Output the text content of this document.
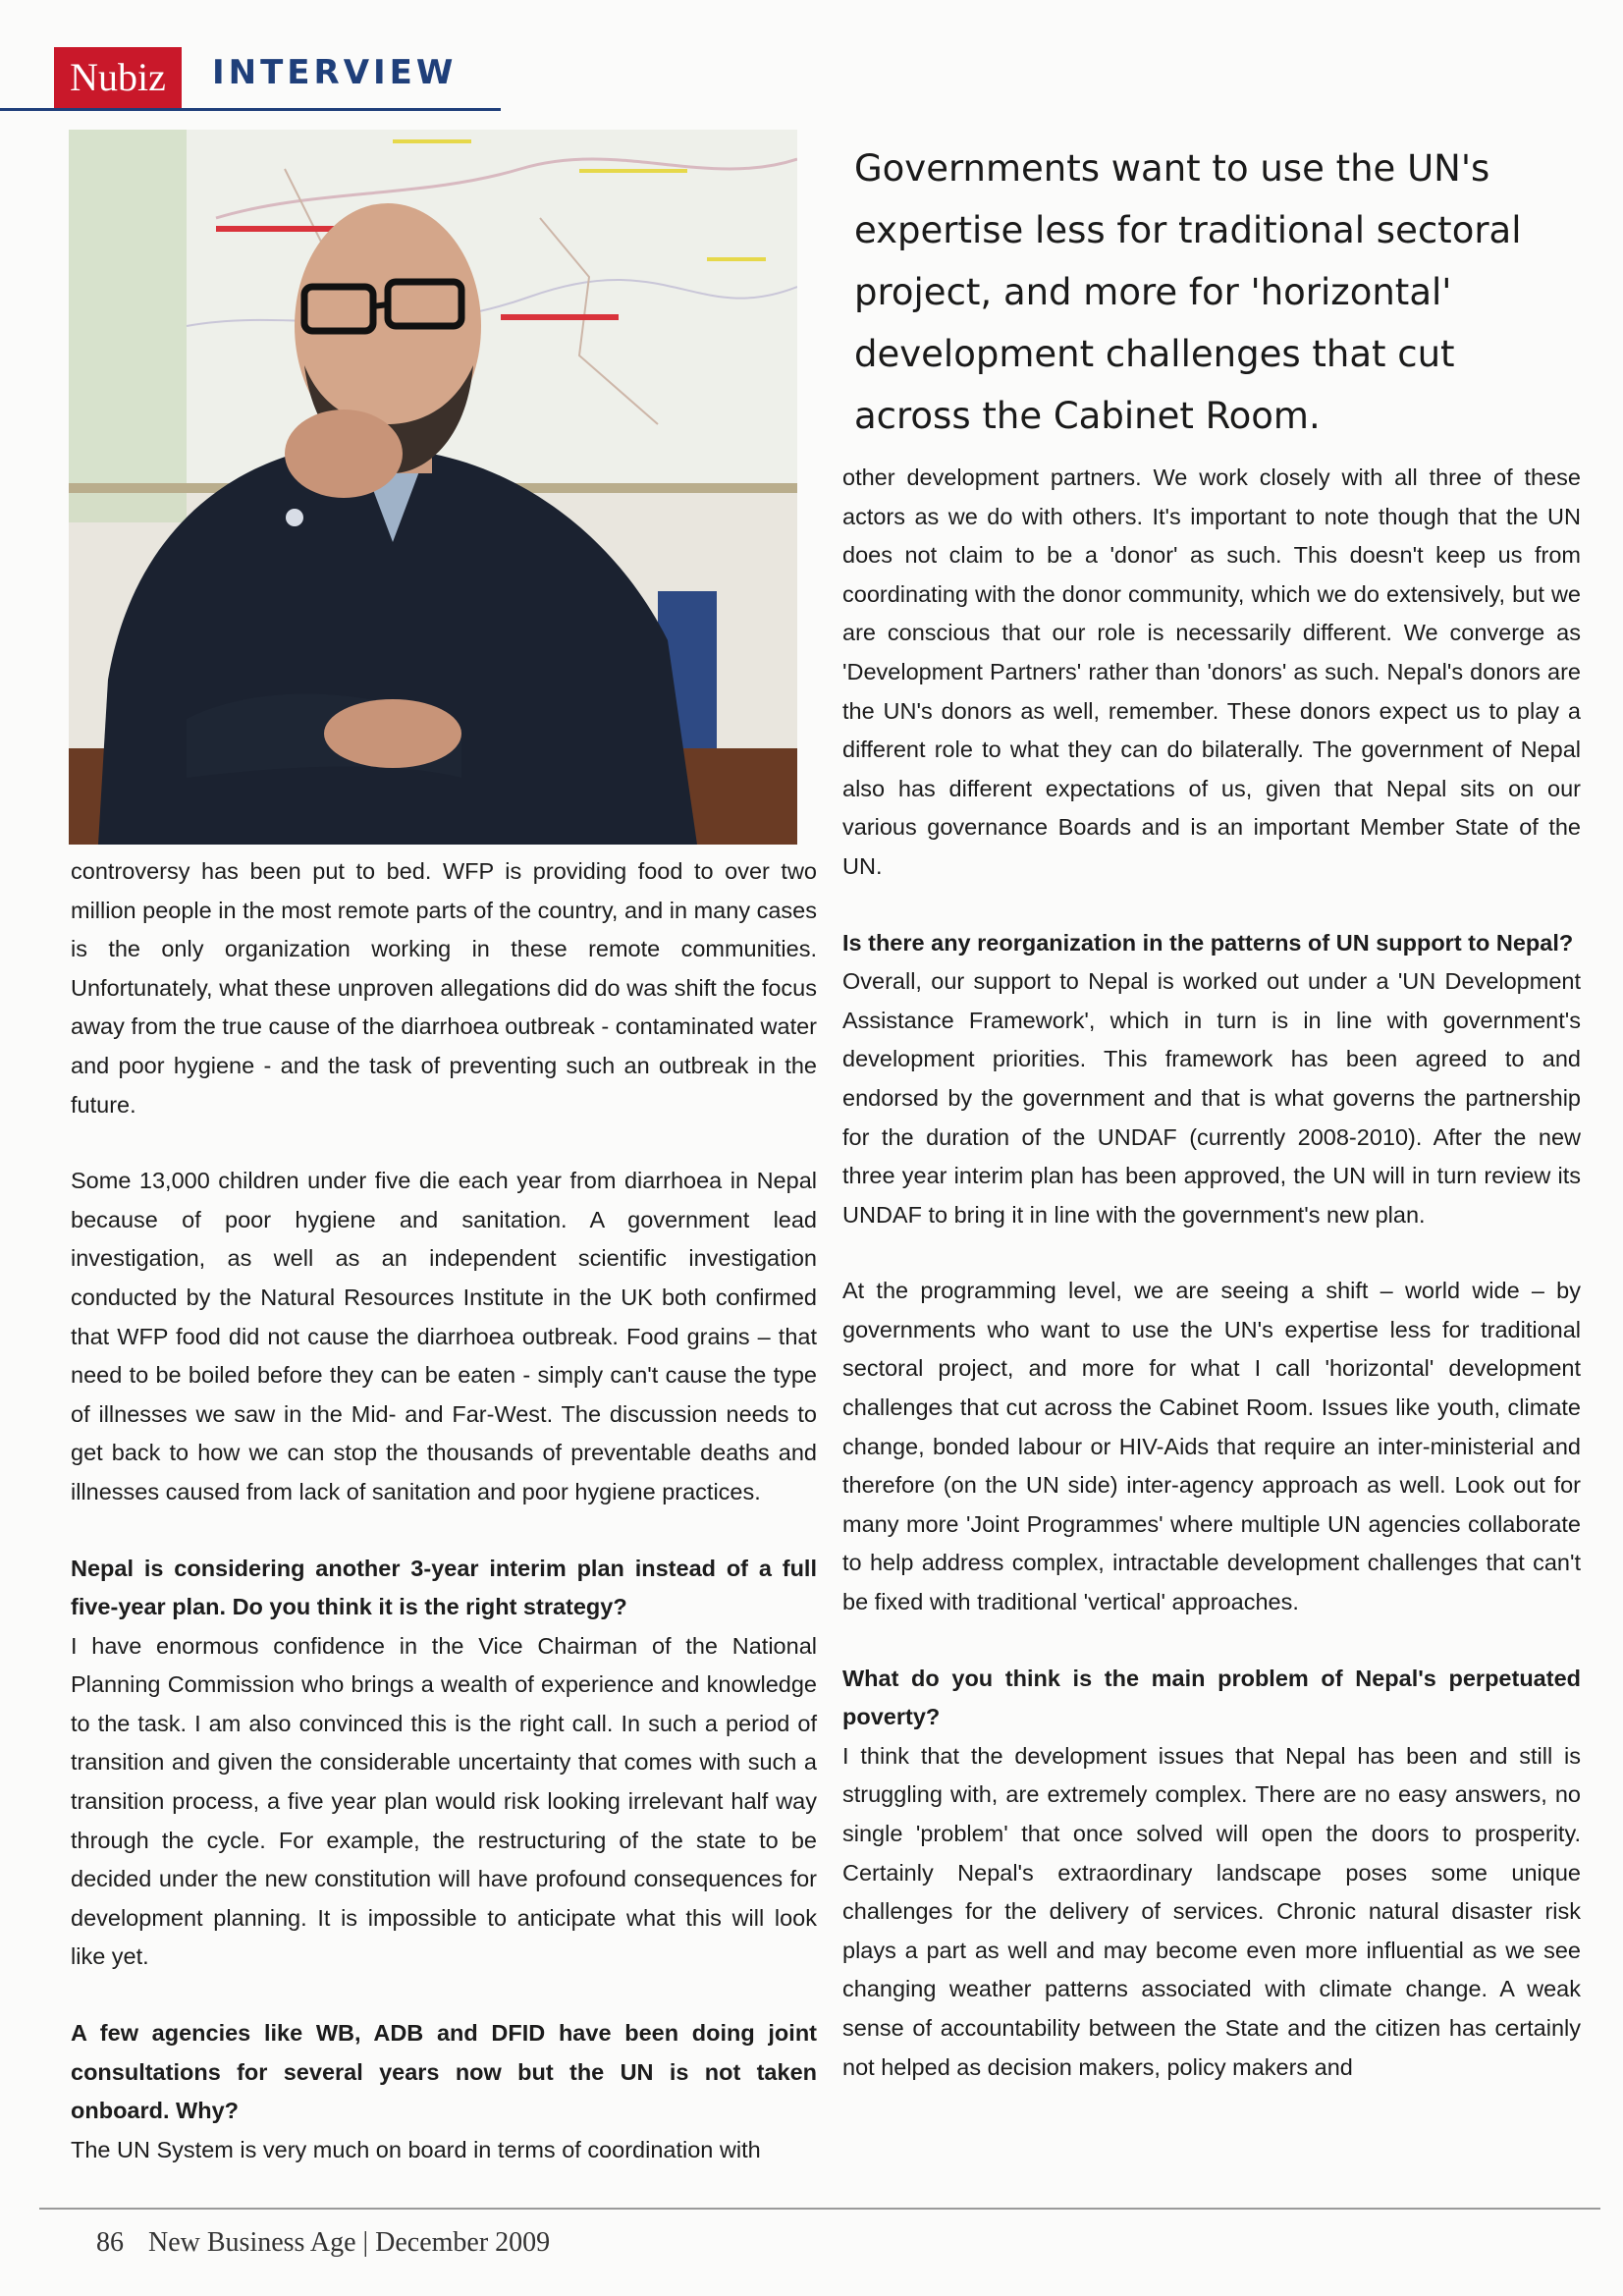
Nubiz	INTERVIEW

Governments want to use the UN's expertise less for traditional sectoral project, and more for 'horizontal' development challenges that cut across the Cabinet Room.

controversy has been put to bed. WFP is providing food to over two million people in the most remote parts of the country, and in many cases is the only organization working in these remote communities. Unfortunately, what these unproven allegations did do was shift the focus away from the true cause of the diarrhoea outbreak - contaminated water and poor hygiene - and the task of preventing such an outbreak in the future.

Some 13,000 children under five die each year from diarrhoea in Nepal because of poor hygiene and sanitation. A government lead investigation, as well as an independent scientific investigation conducted by the Natural Resources Institute in the UK both confirmed that WFP food did not cause the diarrhoea outbreak. Food grains – that need to be boiled before they can be eaten - simply can't cause the type of illnesses we saw in the Mid- and Far-West. The discussion needs to get back to how we can stop the thousands of preventable deaths and illnesses caused from lack of sanitation and poor hygiene practices.

Nepal is considering another 3-year interim plan instead of a full five-year plan. Do you think it is the right strategy?

I have enormous confidence in the Vice Chairman of the National Planning Commission who brings a wealth of experience and knowledge to the task. I am also convinced this is the right call. In such a period of transition and given the considerable uncertainty that comes with such a transition process, a five year plan would risk looking irrelevant half way through the cycle. For example, the restructuring of the state to be decided under the new constitution will have profound consequences for development planning. It is impossible to anticipate what this will look like yet.

A few agencies like WB, ADB and DFID have been doing joint consultations for several years now but the UN is not taken onboard. Why?

The UN System is very much on board in terms of coordination with

other development partners. We work closely with all three of these actors as we do with others. It's important to note though that the UN does not claim to be a 'donor' as such. This doesn't keep us from coordinating with the donor community, which we do extensively, but we are conscious that our role is necessarily different. We converge as 'Development Partners' rather than 'donors' as such. Nepal's donors are the UN's donors as well, remember. These donors expect us to play a different role to what they can do bilaterally. The government of Nepal also has different expectations of us, given that Nepal sits on our various governance Boards and is an important Member State of the UN.

Is there any reorganization in the patterns of UN support to Nepal?

Overall, our support to Nepal is worked out under a 'UN Development Assistance Framework', which in turn is in line with government's development priorities. This framework has been agreed to and endorsed by the government and that is what governs the partnership for the duration of the UNDAF (currently 2008-2010). After the new three year interim plan has been approved, the UN will in turn review its UNDAF to bring it in line with the government's new plan.

At the programming level, we are seeing a shift – world wide – by governments who want to use the UN's expertise less for traditional sectoral project, and more for what I call 'horizontal' development challenges that cut across the Cabinet Room. Issues like youth, climate change, bonded labour or HIV-Aids that require an inter-ministerial and therefore (on the UN side) inter-agency approach as well. Look out for many more 'Joint Programmes' where multiple UN agencies collaborate to help address complex, intractable development challenges that can't be fixed with traditional 'vertical' approaches.

What do you think is the main problem of Nepal's perpetuated poverty?

I think that the development issues that Nepal has been and still is struggling with, are extremely complex. There are no easy answers, no single 'problem' that once solved will open the doors to prosperity. Certainly Nepal's extraordinary landscape poses some unique challenges for the delivery of services. Chronic natural disaster risk plays a part as well and may become even more influential as we see changing weather patterns associated with climate change. A weak sense of accountability between the State and the citizen has certainly not helped as decision makers, policy makers and

86 New Business Age | December 2009
